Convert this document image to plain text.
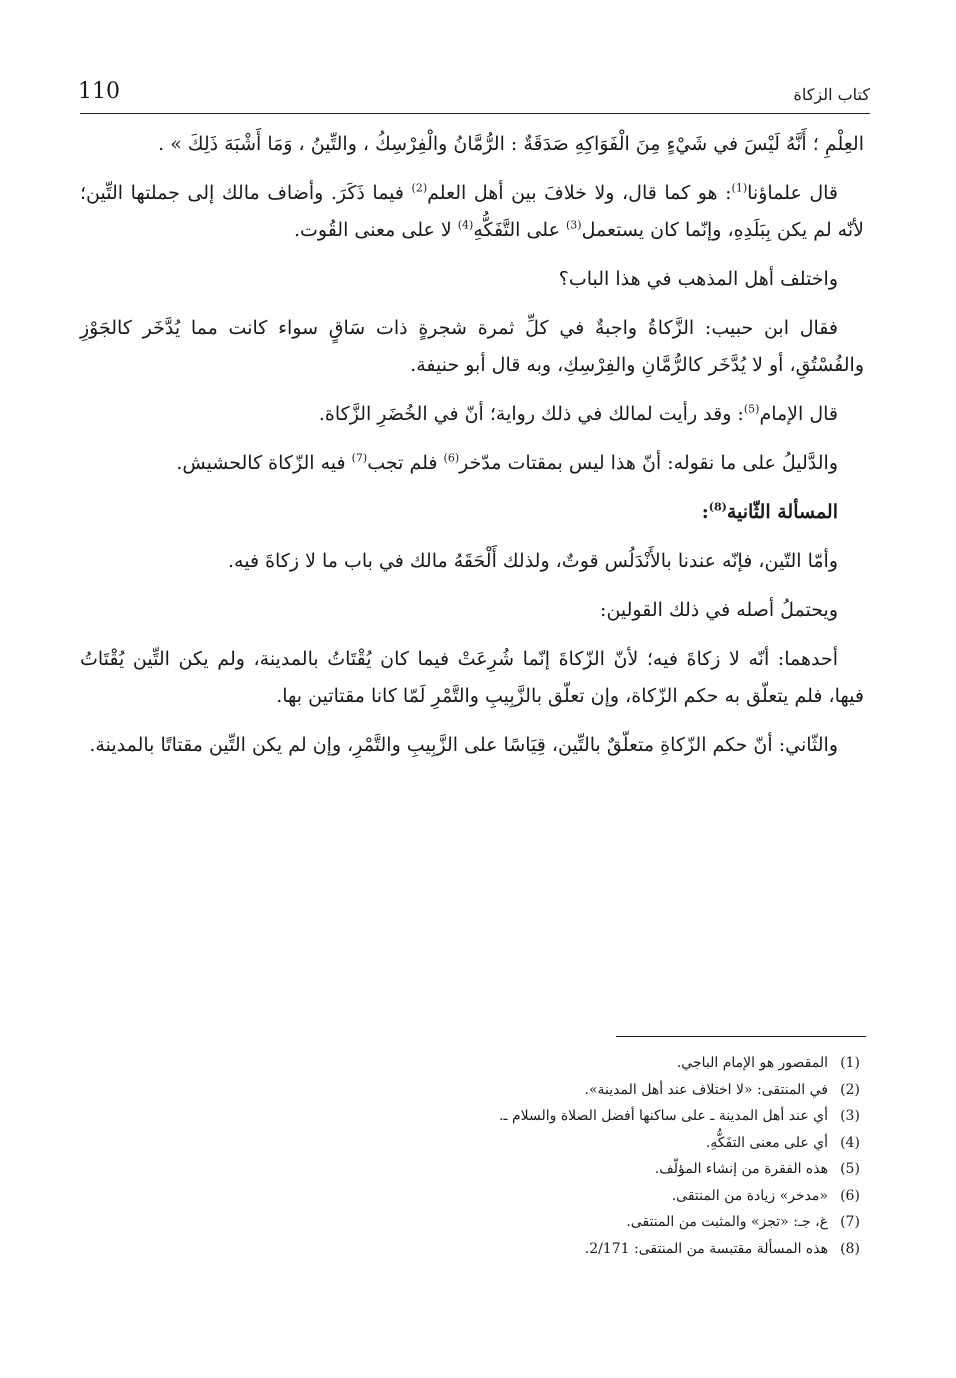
110	كتاب الزكاة

العِلْمِ ؛ أَنَّهُ لَيْسَ في شَيْءٍ مِنَ الْفَوَاكِهِ صَدَقَةٌ : الرُّمَّانُ والْفِرْسِكُ ، والتِّينُ ، وَمَا أَشْبَهَ ذَلِكَ » .

قال علماؤنا$^{(1)}$: هو كما قال، ولا خلافَ بين أهل العلم$^{(2)}$ فيما ذَكَرَ. وأضاف مالك إلى جملتها التِّين؛ لأنّه لم يكن بِبَلَدِهِ، وإنّما كان يستعمل$^{(3)}$ على التَّفَكُّهِ$^{(4)}$ لا على معنى القُوت.

واختلف أهل المذهب في هذا الباب؟

فقال ابن حبيب: الزَّكاةُ واجبةٌ في كلِّ ثمرة شجرةٍ ذات سَاقٍ سواء كانت مما يُدَّخَر كالجَوْزِ والفُسْتُقِ، أو لا يُدَّخَر كالرُّمَّانِ والفِرْسِكِ، وبه قال أبو حنيفة.

قال الإمام$^{(5)}$: وقد رأيت لمالك في ذلك رواية؛ أنّ في الخُضَرِ الزَّكاة.

والدَّليلُ على ما نقوله: أنّ هذا ليس بمقتات مدّخر$^{(6)}$ فلم تجب$^{(7)}$ فيه الزّكاة كالحشيش.

المسألة الثّانية$^{(8)}$:

وأمّا التّين، فإنّه عندنا بالأَنْدَلُس قوتٌ، ولذلك أَلْحَقَهُ مالك في باب ما لا زكاةَ فيه.

ويحتملُ أصله في ذلك القولين:

أحدهما: أنّه لا زكاةَ فيه؛ لأنّ الزّكاةَ إنّما شُرِعَتْ فيما كان يُقْتَاتُ بالمدينة، ولم يكن التِّين يُقْتَاتُ فيها، فلم يتعلّق به حكم الزّكاة، وإن تعلّق بالزَّبِيبِ والتَّمْرِ لَمّا كانا مقتاتين بها.

والثّاني: أنّ حكم الزّكاةِ متعلّقٌ بالتِّين، قِيَاسًا على الزَّبِيبِ والتَّمْرِ، وإن لم يكن التِّين مقتاتًا بالمدينة.

(1)
المقصور هو الإمام الباجي.
(2)
في المنتقى: «لا اختلاف عند أهل المدينة».
(3)
أي عند أهل المدينة ـ على ساكنها أفضل الصلاة والسلام ـ.
(4)
أي على معنى التفَكُّهِ.
(5)
هذه الفقرة من إنشاء المؤلّف.
(6)
«مدخر» زيادة من المنتقى.
(7)
غ، جـ: «تجز» والمثبت من المنتقى.
(8)
هذه المسألة مقتبسة من المنتقى: 2/171.
